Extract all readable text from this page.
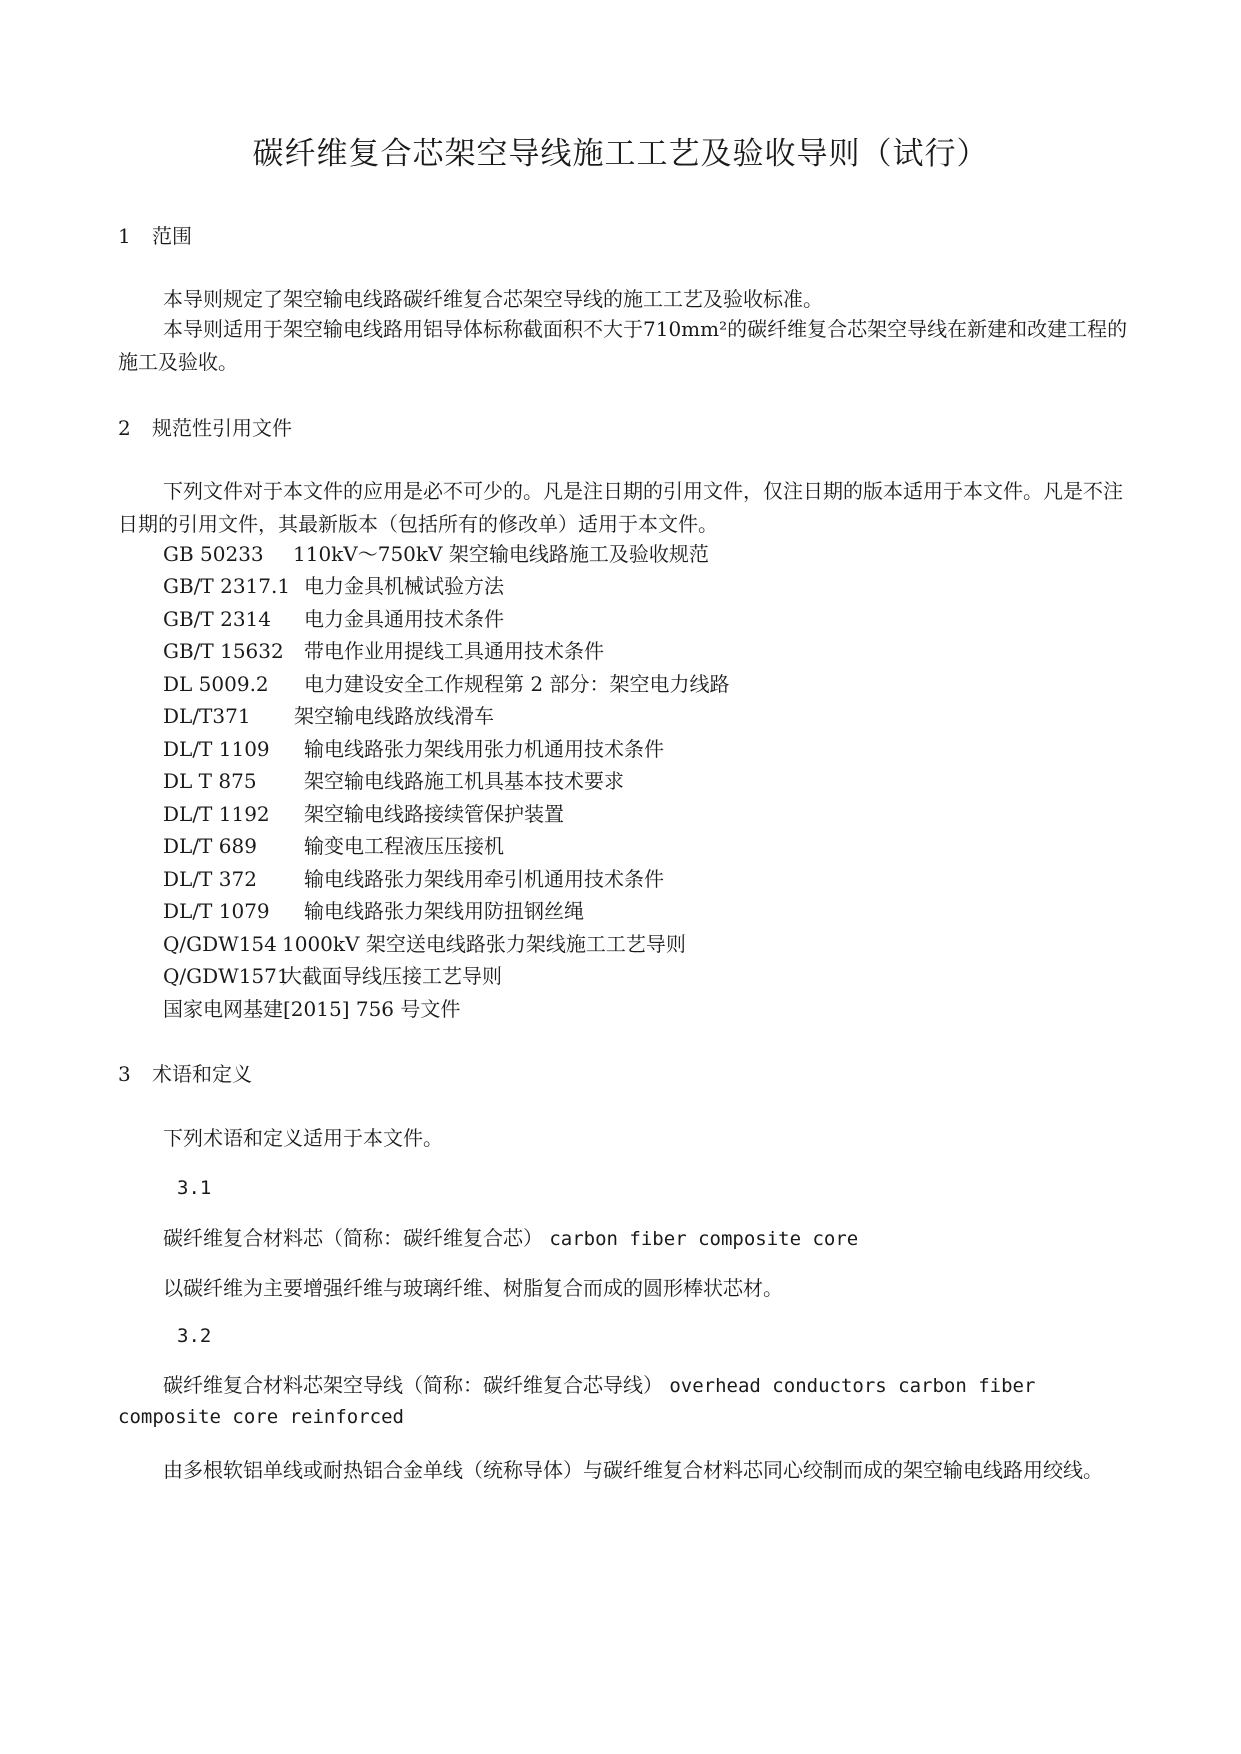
碳纤维复合芯架空导线施工工艺及验收导则（试行）
1 范围

本导则规定了架空输电线路碳纤维复合芯架空导线的施工工艺及验收标准。

本导则适用于架空输电线路用铝导体标称截面积不大于710mm²的碳纤维复合芯架空导线在新建和改建工程的施工及验收。

2 规范性引用文件

下列文件对于本文件的应用是必不可少的。凡是注日期的引用文件，仅注日期的版本适用于本文件。凡是不注日期的引用文件，其最新版本（包括所有的修改单）适用于本文件。

GB 50233 110kV～750kV 架空输电线路施工及验收规范

GB/T 2317.1 电力金具机械试验方法

GB/T 2314 电力金具通用技术条件

GB/T 15632 带电作业用提线工具通用技术条件

DL 5009.2 电力建设安全工作规程第 2 部分：架空电力线路

DL/T371 架空输电线路放线滑车

DL/T 1109 输电线路张力架线用张力机通用技术条件

DL T 875 架空输电线路施工机具基本技术要求

DL/T 1192 架空输电线路接续管保护装置

DL/T 689 输变电工程液压压接机

DL/T 372 输电线路张力架线用牵引机通用技术条件

DL/T 1079 输电线路张力架线用防扭钢丝绳

Q/GDW154 1000kV 架空送电线路张力架线施工工艺导则

Q/GDW1571大截面导线压接工艺导则

国家电网基建[2015] 756 号文件

3 术语和定义

下列术语和定义适用于本文件。

3.1

碳纤维复合材料芯（简称：碳纤维复合芯） carbon fiber composite core

以碳纤维为主要增强纤维与玻璃纤维、树脂复合而成的圆形棒状芯材。

3.2

碳纤维复合材料芯架空导线（简称：碳纤维复合芯导线） overhead conductors carbon fiber

composite core reinforced

由多根软铝单线或耐热铝合金单线（统称导体）与碳纤维复合材料芯同心绞制而成的架空输电线路用绞线。
